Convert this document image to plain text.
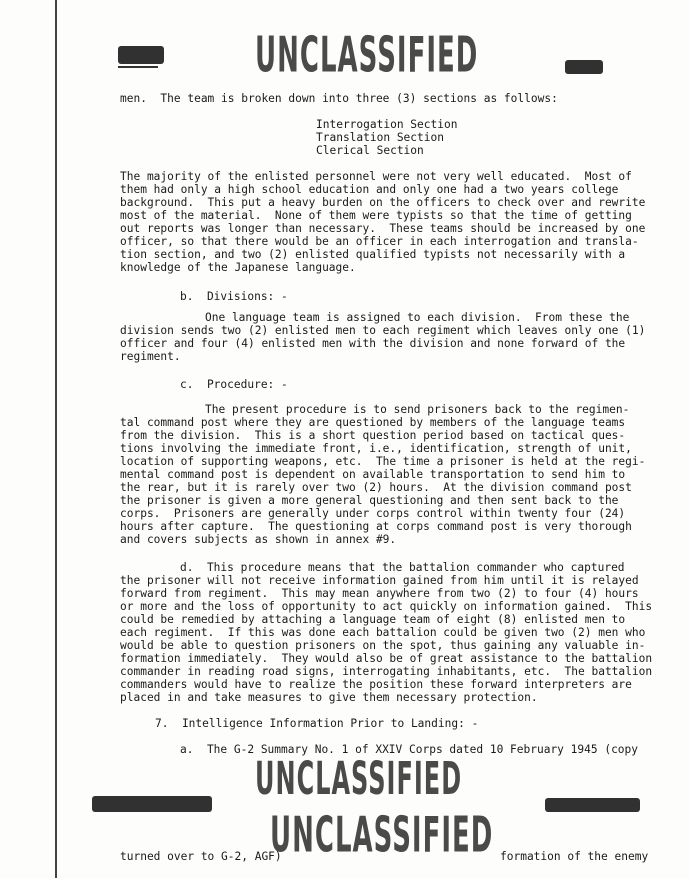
UNCLASSIFIED
men.  The team is broken down into three (3) sections as follows:
Interrogation Section
Translation Section
Clerical Section
The majority of the enlisted personnel were not very well educated.  Most of
them had only a high school education and only one had a two years college
background.  This put a heavy burden on the officers to check over and rewrite
most of the material.  None of them were typists so that the time of getting
out reports was longer than necessary.  These teams should be increased by one
officer, so that there would be an officer in each interrogation and transla-
tion section, and two (2) enlisted qualified typists not necessarily with a
knowledge of the Japanese language.
b.  Divisions: -
One language team is assigned to each division.  From these the
division sends two (2) enlisted men to each regiment which leaves only one (1)
officer and four (4) enlisted men with the division and none forward of the
regiment.
c.  Procedure: -
The present procedure is to send prisoners back to the regimen-
tal command post where they are questioned by members of the language teams
from the division.  This is a short question period based on tactical ques-
tions involving the immediate front, i.e., identification, strength of unit,
location of supporting weapons, etc.  The time a prisoner is held at the regi-
mental command post is dependent on available transportation to send him to
the rear, but it is rarely over two (2) hours.  At the division command post
the prisoner is given a more general questioning and then sent back to the
corps.  Prisoners are generally under corps control within twenty four (24)
hours after capture.  The questioning at corps command post is very thorough
and covers subjects as shown in annex #9.
d.  This procedure means that the battalion commander who captured
the prisoner will not receive information gained from him until it is relayed
forward from regiment.  This may mean anywhere from two (2) to four (4) hours
or more and the loss of opportunity to act quickly on information gained.  This
could be remedied by attaching a language team of eight (8) enlisted men to
each regiment.  If this was done each battalion could be given two (2) men who
would be able to question prisoners on the spot, thus gaining any valuable in-
formation immediately.  They would also be of great assistance to the battalion
commander in reading road signs, interrogating inhabitants, etc.  The battalion
commanders would have to realize the position these forward interpreters are
placed in and take measures to give them necessary protection.
7.  Intelligence Information Prior to Landing: -
a.  The G-2 Summary No. 1 of XXIV Corps dated 10 February 1945 (copy
UNCLASSIFIED
UNCLASSIFIED
turned over to G-2, AGF)	formation of the enemy
